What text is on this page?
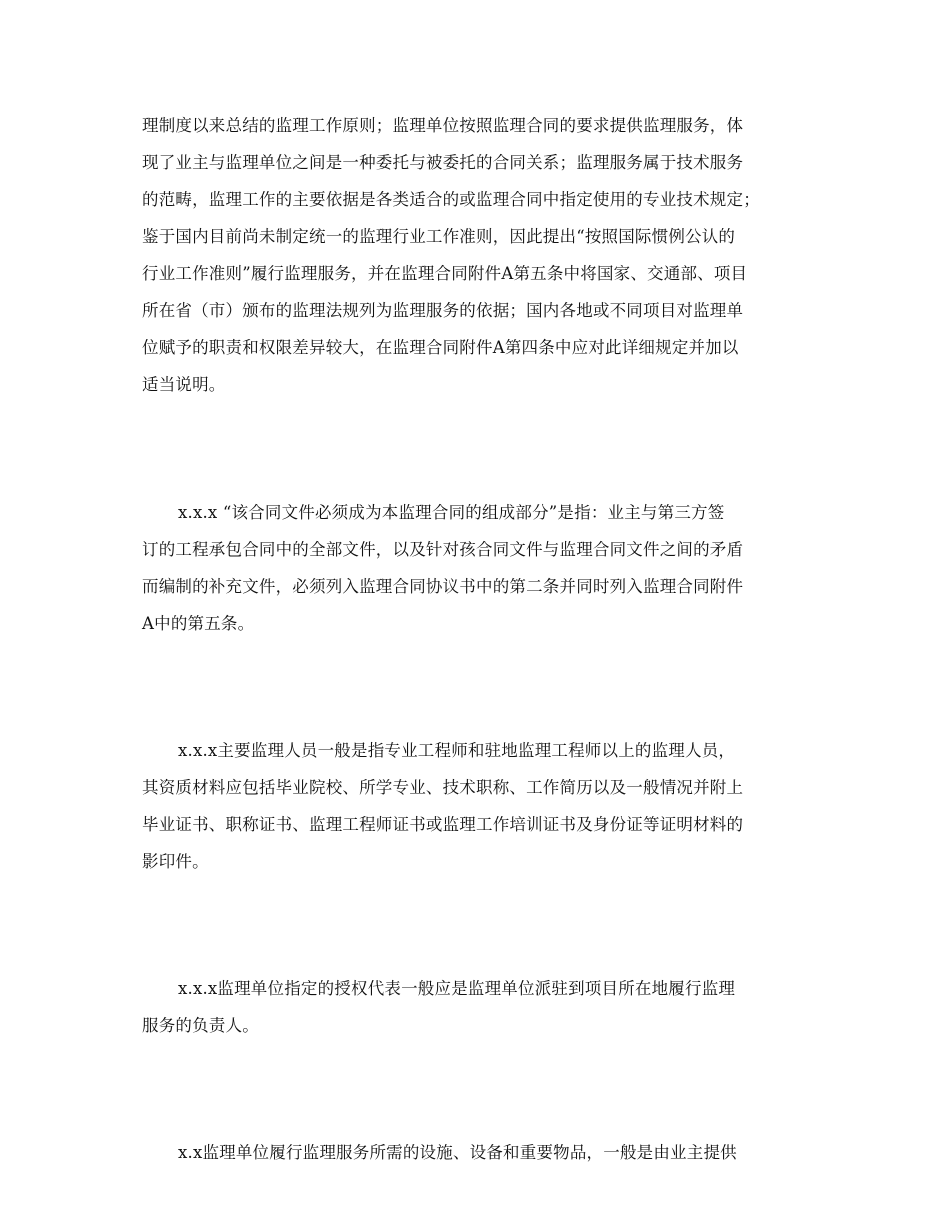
理制度以来总结的监理工作原则；监理单位按照监理合同的要求提供监理服务，体
现了业主与监理单位之间是一种委托与被委托的合同关系；监理服务属于技术服务
的范畴，监理工作的主要依据是各类适合的或监理合同中指定使用的专业技术规定；
鉴于国内目前尚未制定统一的监理行业工作准则，因此提出“按照国际惯例公认的
行业工作准则”履行监理服务，并在监理合同附件A第五条中将国家、交通部、项目
所在省（市）颁布的监理法规列为监理服务的依据；国内各地或不同项目对监理单
位赋予的职责和权限差异较大，在监理合同附件A第四条中应对此详细规定并加以
适当说明。
x.x.x “该合同文件必须成为本监理合同的组成部分”是指：业主与第三方签
订的工程承包合同中的全部文件，以及针对孩合同文件与监理合同文件之间的矛盾
而编制的补充文件，必须列入监理合同协议书中的第二条并同时列入监理合同附件
A中的第五条。
x.x.x主要监理人员一般是指专业工程师和驻地监理工程师以上的监理人员，
其资质材料应包括毕业院校、所学专业、技术职称、工作简历以及一般情况并附上
毕业证书、职称证书、监理工程师证书或监理工作培训证书及身份证等证明材料的
影印件。
x.x.x监理单位指定的授权代表一般应是监理单位派驻到项目所在地履行监理
服务的负责人。
x.x监理单位履行监理服务所需的设施、设备和重要物品，一般是由业主提供
